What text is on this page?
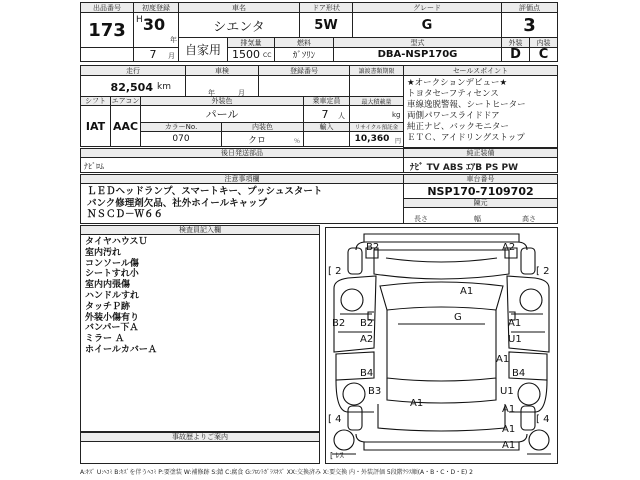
出品番号
173
初度登録
H 30
年
7 月
車名
シエンタ
ドア形状
5W
グレード
G
評価点
3
自家用
排気量
1500 CC
燃料
ｶﾞｿﾘﾝ
型式
DBA-NSP170G
外装	内装
D	C
走行
82,504 km
車検
年	月
登録番号	譲渡書類期限	セールスポイント
★オークションデビュー★
トヨタセーフティセンス
車線逸脱警報、シートヒーター
両側パワースライドドア
純正ナビ、バックモニター
ＥＴＣ、アイドリングストップ
シフト
IAT
エアコン
AAC
外装色
パール
乗車定員
7	人
最大積載量
kg
カラーNo.
070
内装色
クロ	％
輸入	リサイクル預託金
10,360 円
後日発送部品
ﾅﾋﾞﾛﾑ
純正装備
ﾅﾋﾞ TV ABS ｴｱB PS PW
注意事項欄
ＬＥＤヘッドランプ、スマートキー、プッシュスタート
パンク修理剤欠品、社外ホイールキャップ
ＮＳＣＤ－Ｗ６６
車台番号
NSP170-7109702
陳元
長さ	幅	高さ
検査員記入欄
タイヤハウスＵ
室内汚れ
コンソール傷
シートすれ小
室内内張傷
ハンドルすれ
タッチＰ跡
外装小傷有り
バンパー下Ａ
ミラー Ａ
ホイールカバーＡ
事故歴よりご案内
B2	A2
[ 2	[ 2
A1
G
B2 B2
A2
A1
A1
U1
B4
B3
B4
U1
[ 4	[ 4
A1
A1
A1
A1
[ ﾚｽ
A:ｷｽﾞ U:ﾍｺﾐ B:ｷｽﾞを伴うﾍｺﾐ P:要塗装 W:補修跡 S:錆 C:腐食 G:ﾌﾛﾝﾄｶﾞﾗｽｷｽﾞ XX:交換済み X:要交換 内・外装評価 5段階ｸﾗｽ順(A・B・C・D・E) 2
